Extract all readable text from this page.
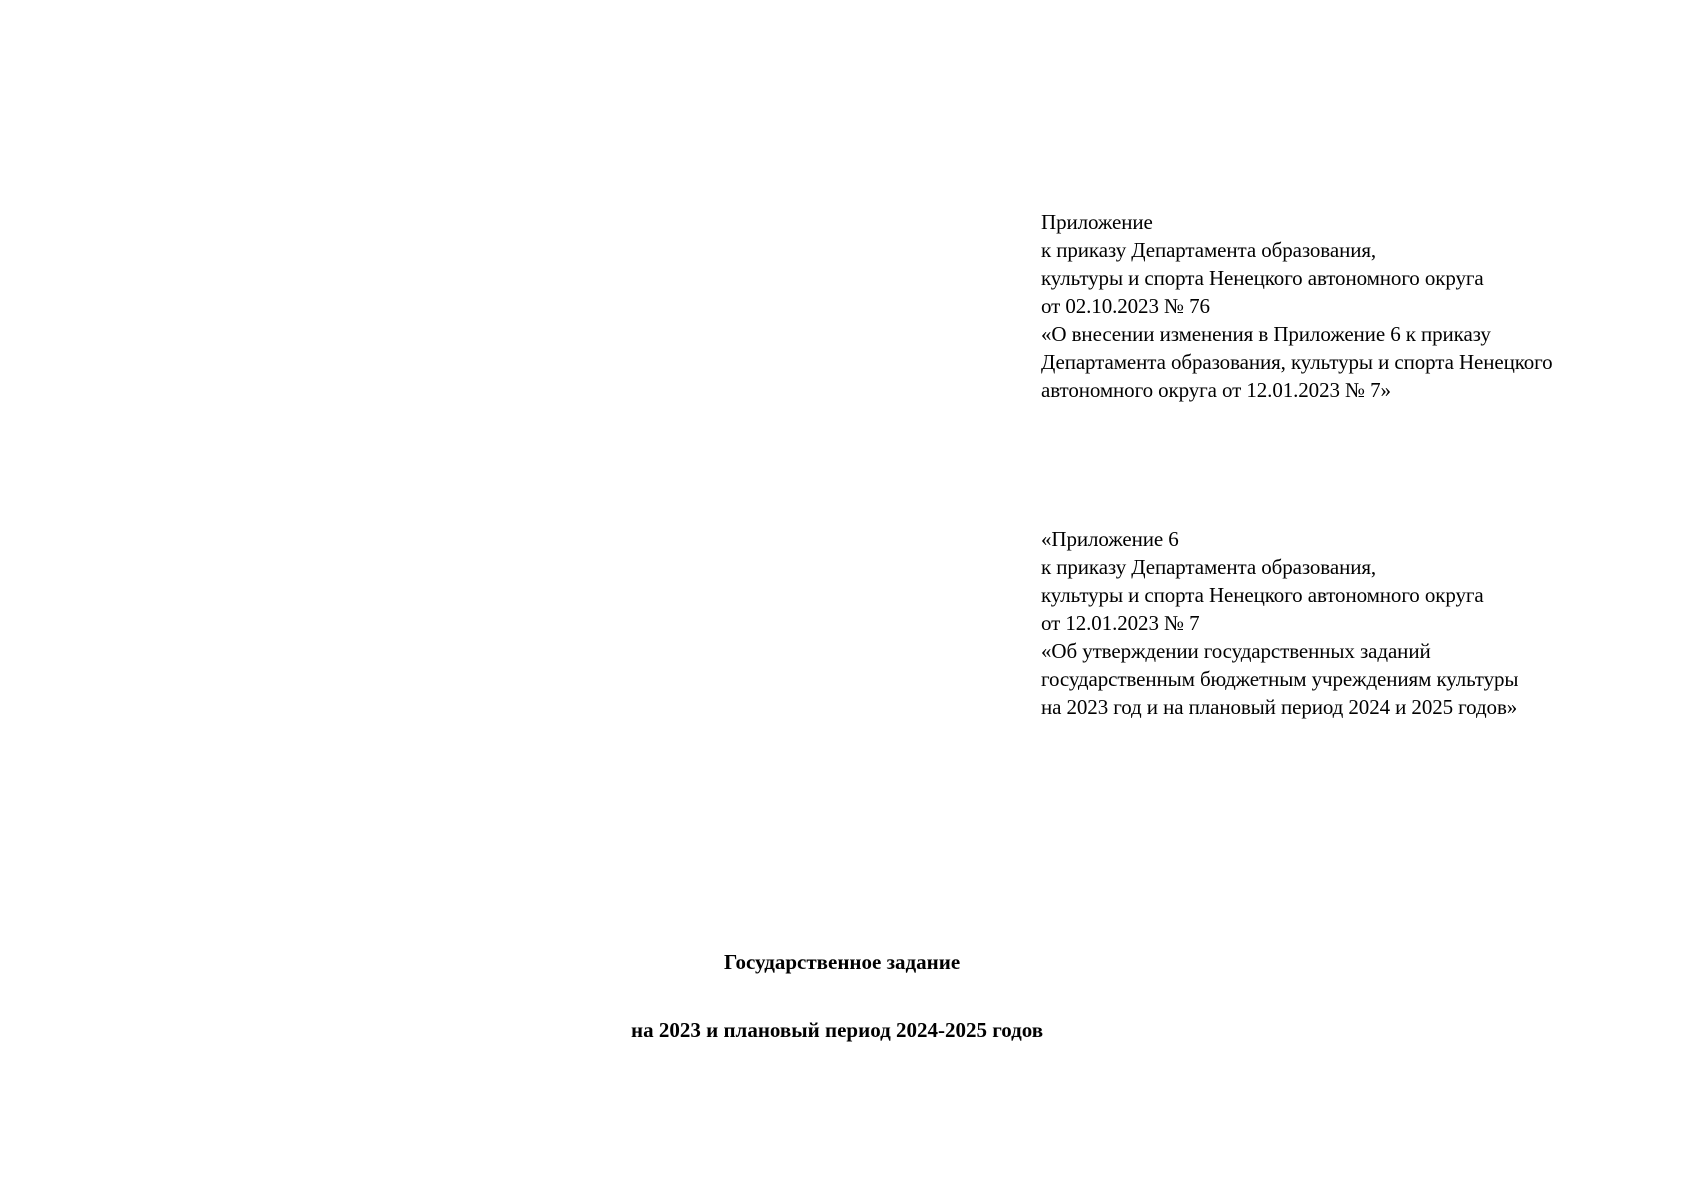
Приложение
к приказу Департамента образования,
культуры и спорта Ненецкого автономного округа
от 02.10.2023 № 76
«О внесении изменения в Приложение 6 к приказу
Департамента образования, культуры и спорта Ненецкого
автономного округа от 12.01.2023 № 7»
«Приложение 6
к приказу Департамента образования,
культуры и спорта Ненецкого автономного округа
от 12.01.2023 № 7
«Об утверждении государственных заданий
государственным бюджетным учреждениям культуры
на 2023 год и на плановый период 2024 и 2025 годов»
Государственное задание
на 2023 и плановый период 2024-2025 годов
